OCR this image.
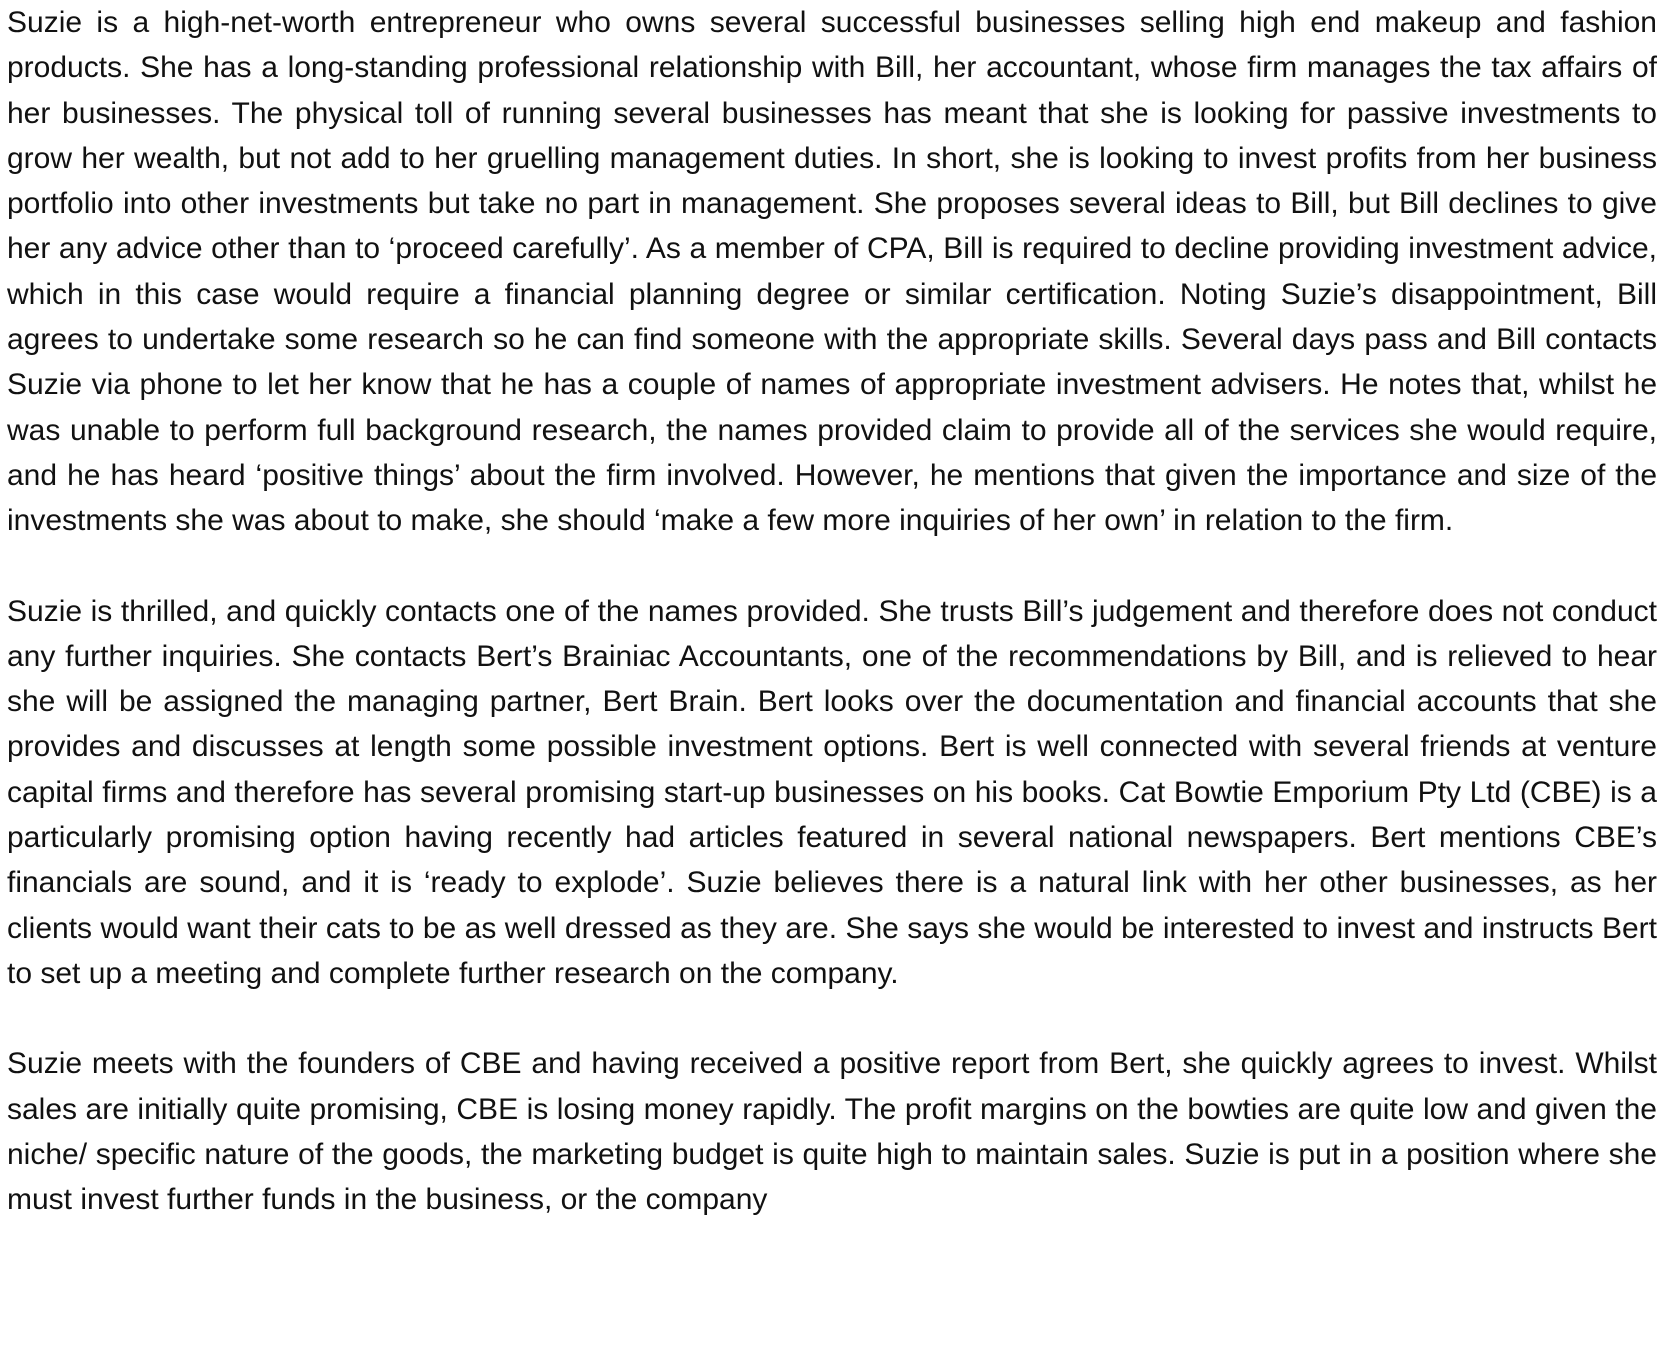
Suzie is a high-net-worth entrepreneur who owns several successful businesses selling high end makeup and fashion products. She has a long-standing professional relationship with Bill, her accountant, whose firm manages the tax affairs of her businesses. The physical toll of running several businesses has meant that she is looking for passive investments to grow her wealth, but not add to her gruelling management duties. In short, she is looking to invest profits from her business portfolio into other investments but take no part in management. She proposes several ideas to Bill, but Bill declines to give her any advice other than to ‘proceed carefully’. As a member of CPA, Bill is required to decline providing investment advice, which in this case would require a financial planning degree or similar certification. Noting Suzie’s disappointment, Bill agrees to undertake some research so he can find someone with the appropriate skills. Several days pass and Bill contacts Suzie via phone to let her know that he has a couple of names of appropriate investment advisers. He notes that, whilst he was unable to perform full background research, the names provided claim to provide all of the services she would require, and he has heard ‘positive things’ about the firm involved. However, he mentions that given the importance and size of the investments she was about to make, she should ‘make a few more inquiries of her own’ in relation to the firm.

Suzie is thrilled, and quickly contacts one of the names provided. She trusts Bill’s judgement and therefore does not conduct any further inquiries. She contacts Bert’s Brainiac Accountants, one of the recommendations by Bill, and is relieved to hear she will be assigned the managing partner, Bert Brain. Bert looks over the documentation and financial accounts that she provides and discusses at length some possible investment options. Bert is well connected with several friends at venture capital firms and therefore has several promising start-up businesses on his books. Cat Bowtie Emporium Pty Ltd (CBE) is a particularly promising option having recently had articles featured in several national newspapers. Bert mentions CBE’s financials are sound, and it is ‘ready to explode’. Suzie believes there is a natural link with her other businesses, as her clients would want their cats to be as well dressed as they are. She says she would be interested to invest and instructs Bert to set up a meeting and complete further research on the company.

Suzie meets with the founders of CBE and having received a positive report from Bert, she quickly agrees to invest. Whilst sales are initially quite promising, CBE is losing money rapidly. The profit margins on the bowties are quite low and given the niche/ specific nature of the goods, the marketing budget is quite high to maintain sales. Suzie is put in a position where she must invest further funds in the business, or the company
